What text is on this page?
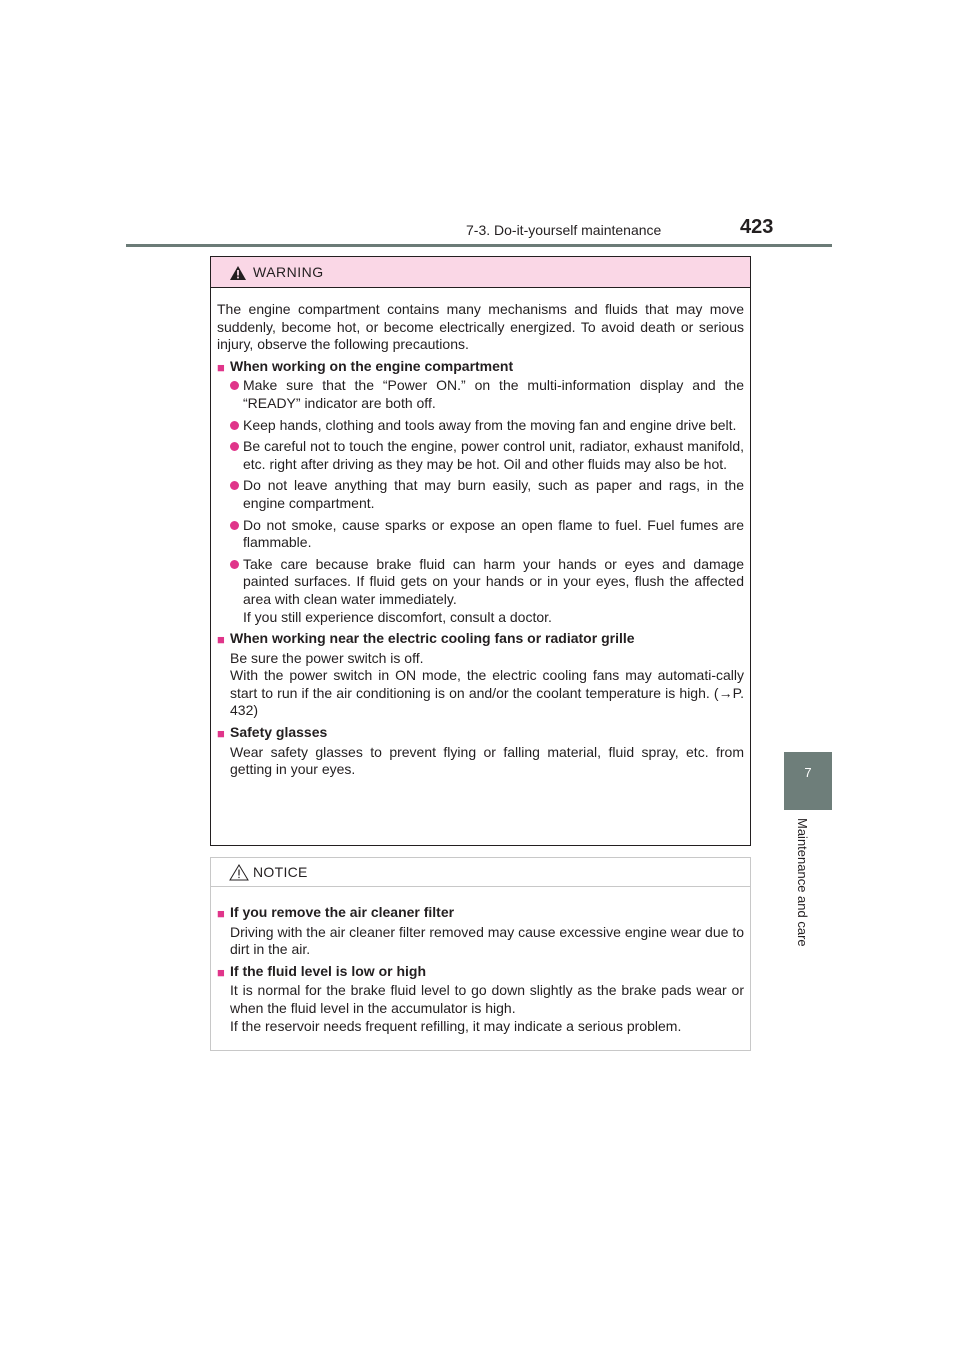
7-3. Do-it-yourself maintenance	423
7
Maintenance and care
WARNING

The engine compartment contains many mechanisms and fluids that may move suddenly, become hot, or become electrically energized. To avoid death or serious injury, observe the following precautions.

■ When working on the engine compartment
Make sure that the “Power ON.” on the multi-information display and the “READY” indicator are both off.
Keep hands, clothing and tools away from the moving fan and engine drive belt.
Be careful not to touch the engine, power control unit, radiator, exhaust manifold, etc. right after driving as they may be hot. Oil and other fluids may also be hot.
Do not leave anything that may burn easily, such as paper and rags, in the engine compartment.
Do not smoke, cause sparks or expose an open flame to fuel. Fuel fumes are flammable.
Take care because brake fluid can harm your hands or eyes and damage painted surfaces. If fluid gets on your hands or in your eyes, flush the affected area with clean water immediately.
If you still experience discomfort, consult a doctor.
■ When working near the electric cooling fans or radiator grille
Be sure the power switch is off.
With the power switch in ON mode, the electric cooling fans may automati-cally start to run if the air conditioning is on and/or the coolant temperature is high. (→P. 432)
■ Safety glasses
Wear safety glasses to prevent flying or falling material, fluid spray, etc. from getting in your eyes.
NOTICE
■ If you remove the air cleaner filter
Driving with the air cleaner filter removed may cause excessive engine wear due to dirt in the air.
■ If the fluid level is low or high
It is normal for the brake fluid level to go down slightly as the brake pads wear or when the fluid level in the accumulator is high.
If the reservoir needs frequent refilling, it may indicate a serious problem.
